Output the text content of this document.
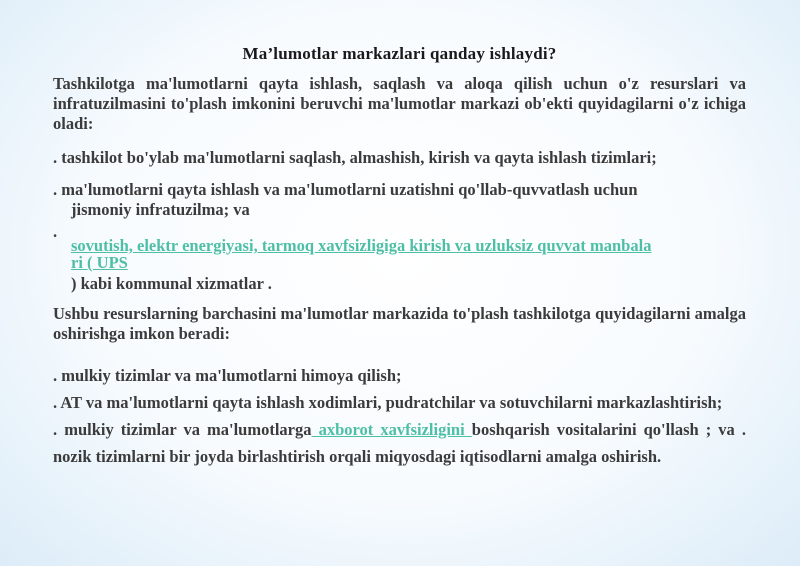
Ma’lumotlar markazlari qanday ishlaydi?

Tashkilotga ma'lumotlarni qayta ishlash, saqlash va aloqa qilish uchun o'z resurslari va infratuzilmasini to'plash imkonini beruvchi ma'lumotlar markazi ob'ekti quyidagilarni o'z ichiga oladi:

. tashkilot bo'ylab ma'lumotlarni saqlash, almashish, kirish va qayta ishlash tizimlari;

. ma'lumotlarni qayta ishlash va ma'lumotlarni uzatishni qo'llab-quvvatlash uchun

jismoniy infratuzilma; va

.

sovutish, elektr energiyasi, tarmoq xavfsizligiga kirish va uzluksiz quvvat manbala

ri ( UPS

) kabi kommunal xizmatlar .

Ushbu resurslarning barchasini ma'lumotlar markazida to'plash tashkilotga quyidagilarni amalga oshirishga imkon beradi:

. mulkiy tizimlar va ma'lumotlarni himoya qilish;

. AT va ma'lumotlarni qayta ishlash xodimlari, pudratchilar va sotuvchilarni markazlashtirish;

. mulkiy tizimlar va ma'lumotlarga axborot xavfsizligini boshqarish vositalarini qo'llash ; va . nozik tizimlarni bir joyda birlashtirish orqali miqyosdagi iqtisodlarni amalga oshirish.
